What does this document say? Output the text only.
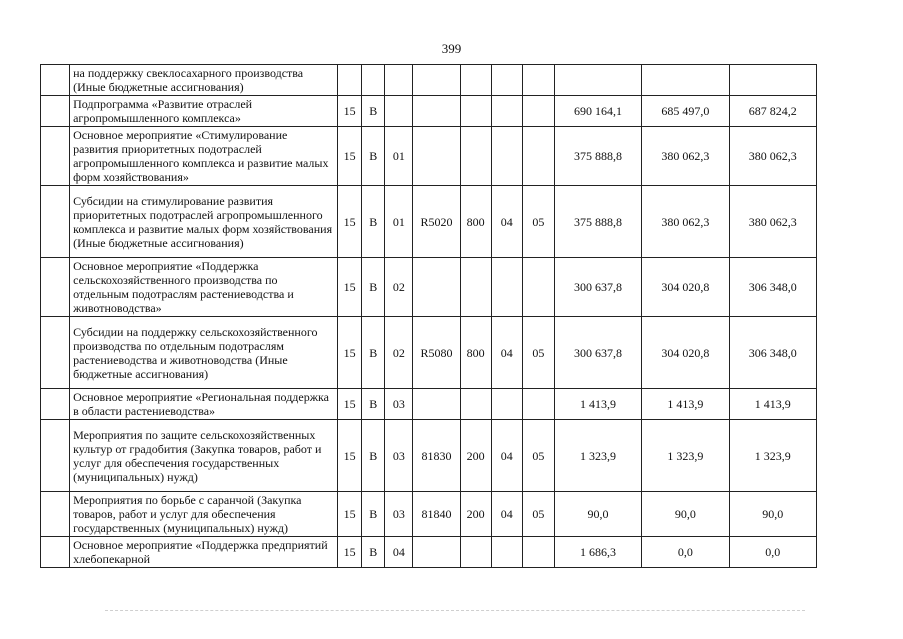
399
	на поддержку свеклосахарного производства (Иные бюджетные ассигнования)										
	Подпрограмма «Развитие отраслей агропромышленного комплекса»	15	В						690 164,1	685 497,0	687 824,2
	Основное мероприятие «Стимулирование развития приоритетных подотраслей агропромышленного комплекса и развитие малых форм хозяйствования»	15	В	01					375 888,8	380 062,3	380 062,3
	Субсидии на стимулирование развития приоритетных подотраслей агропромышленного комплекса и развитие малых форм хозяйствования (Иные бюджетные ассигнования)	15	В	01	R5020	800	04	05	375 888,8	380 062,3	380 062,3
	Основное мероприятие «Поддержка сельскохозяйственного производства по отдельным подотраслям растениеводства и животноводства»	15	В	02					300 637,8	304 020,8	306 348,0
	Субсидии на поддержку сельскохозяйственного производства по отдельным подотраслям растениеводства и животноводства (Иные бюджетные ассигнования)	15	В	02	R5080	800	04	05	300 637,8	304 020,8	306 348,0
	Основное мероприятие «Региональная поддержка в области растениеводства»	15	В	03					1 413,9	1 413,9	1 413,9
	Мероприятия по защите сельскохозяйственных культур от градобития (Закупка товаров, работ и услуг для обеспечения государственных (муниципальных) нужд)	15	В	03	81830	200	04	05	1 323,9	1 323,9	1 323,9
	Мероприятия по борьбе с саранчой (Закупка товаров, работ и услуг для обеспечения государственных (муниципальных) нужд)	15	В	03	81840	200	04	05	90,0	90,0	90,0
	Основное мероприятие «Поддержка предприятий хлебопекарной	15	В	04					1 686,3	0,0	0,0
